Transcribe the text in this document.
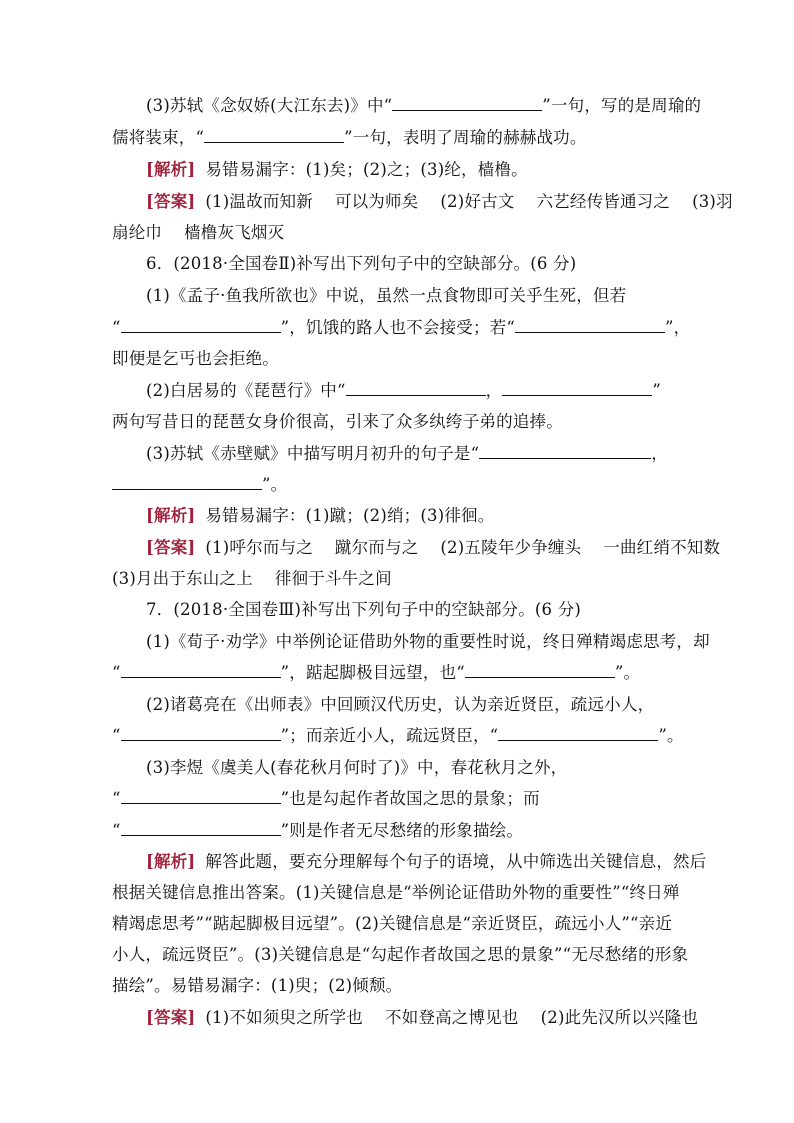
(3)苏轼《念奴娇(大江东去)》中“	”一句，写的是周瑜的
儒将装束，“	”一句，表明了周瑜的赫赫战功。
[解析] 易错易漏字：(1)矣；(2)之；(3)纶，樯橹。
[答案] (1)温故而知新 可以为师矣 (2)好古文 六艺经传皆通习之 (3)羽
扇纶巾 樯橹灰飞烟灭
6．(2018·全国卷Ⅱ)补写出下列句子中的空缺部分。(6 分)
(1)《孟子·鱼我所欲也》中说，虽然一点食物即可关乎生死，但若
“	”，饥饿的路人也不会接受；若“	”，
即便是乞丐也会拒绝。
(2)白居易的《琵琶行》中“	，	”
两句写昔日的琵琶女身价很高，引来了众多纨绔子弟的追捧。
(3)苏轼《赤壁赋》中描写明月初升的句子是“	，
”。
[解析] 易错易漏字：(1)蹴；(2)绡；(3)徘徊。
[答案] (1)呼尔而与之 蹴尔而与之 (2)五陵年少争缠头 一曲红绡不知数
(3)月出于东山之上 徘徊于斗牛之间
7．(2018·全国卷Ⅲ)补写出下列句子中的空缺部分。(6 分)
(1)《荀子·劝学》中举例论证借助外物的重要性时说，终日殚精竭虑思考，却
“	”，踮起脚极目远望，也“	”。
(2)诸葛亮在《出师表》中回顾汉代历史，认为亲近贤臣，疏远小人，
“	”；而亲近小人，疏远贤臣，“	”。
(3)李煜《虞美人(春花秋月何时了)》中，春花秋月之外，
“	”也是勾起作者故国之思的景象；而
“	”则是作者无尽愁绪的形象描绘。
[解析] 解答此题，要充分理解每个句子的语境，从中筛选出关键信息，然后
根据关键信息推出答案。(1)关键信息是“举例论证借助外物的重要性”“终日殚
精竭虑思考”“踮起脚极目远望”。(2)关键信息是“亲近贤臣，疏远小人”“亲近
小人，疏远贤臣”。(3)关键信息是“勾起作者故国之思的景象”“无尽愁绪的形象
描绘”。易错易漏字：(1)臾；(2)倾颓。
[答案] (1)不如须臾之所学也 不如登高之博见也 (2)此先汉所以兴隆也
